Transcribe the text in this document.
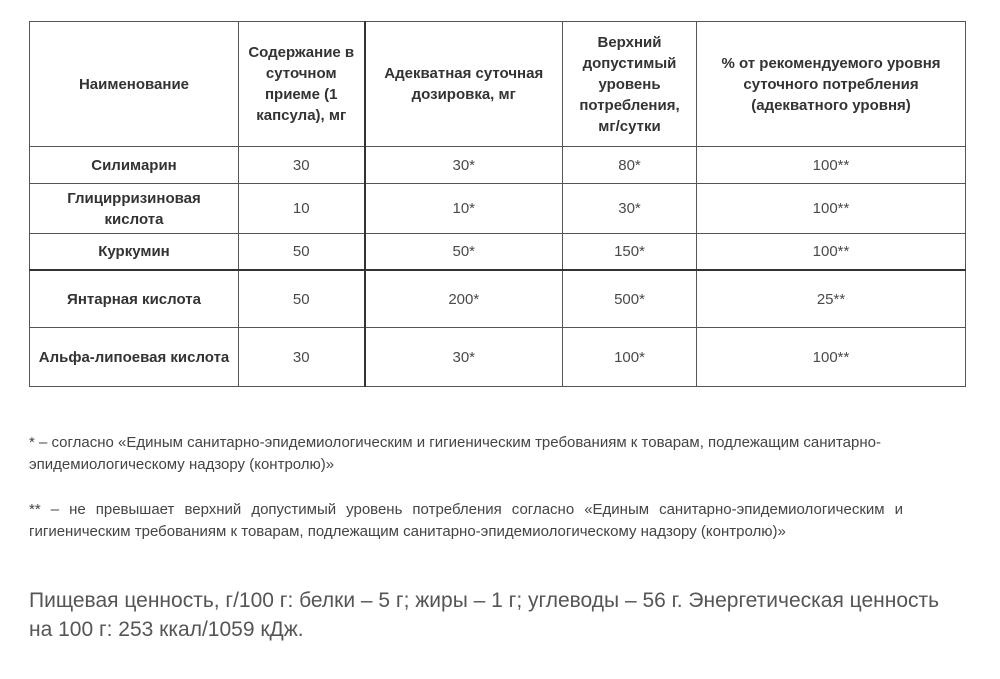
Наименование	Содержание в суточном приеме (1 капсула), мг	Адекватная суточная дозировка, мг	Верхний допустимый уровень потребления, мг/сутки	% от рекомендуемого уровня суточного потребления (адекватного уровня)
Силимарин	30	30*	80*	100**
Глицирризиновая кислота	10	10*	30*	100**
Куркумин	50	50*	150*	100**
Янтарная кислота	50	200*	500*	25**
Альфа-липоевая кислота	30	30*	100*	100**

* – согласно «Единым санитарно-эпидемиологическим и гигиеническим требованиям к товарам, подлежащим санитарно-эпидемиологическому надзору (контролю)»

** – не превышает верхний допустимый уровень потребления согласно «Единым санитарно-эпидемиологическим и гигиеническим требованиям к товарам, подлежащим санитарно-эпидемиологическому надзору (контролю)»

Пищевая ценность, г/100 г: белки – 5 г; жиры – 1 г; углеводы – 56 г. Энергетическая ценность на 100 г: 253 ккал/1059 кДж.
